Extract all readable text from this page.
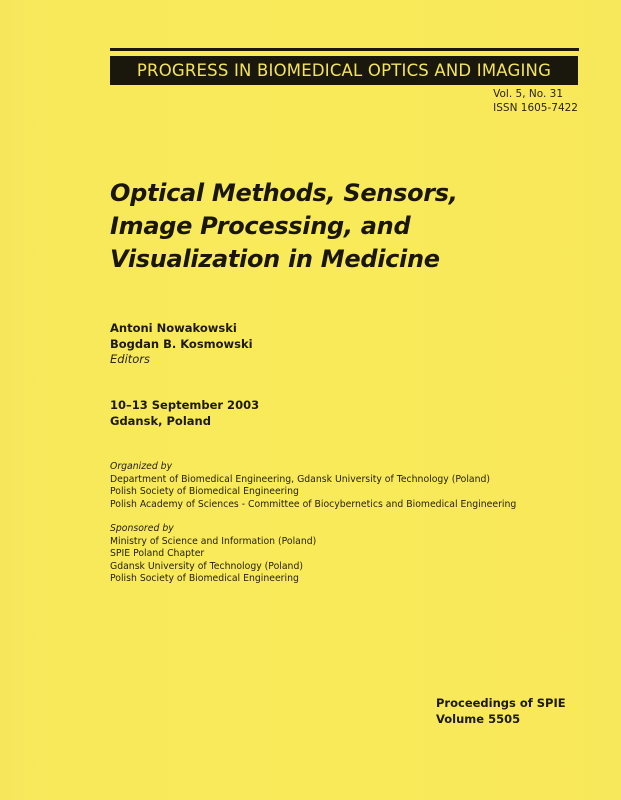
PROGRESS IN BIOMEDICAL OPTICS AND IMAGING
Vol. 5, No. 31
ISSN 1605-7422
Optical Methods, Sensors,
Image Processing, and
Visualization in Medicine
Antoni Nowakowski
Bogdan B. Kosmowski
Editors
10–13 September 2003
Gdansk, Poland
Organized by
Department of Biomedical Engineering, Gdansk University of Technology (Poland)
Polish Society of Biomedical Engineering
Polish Academy of Sciences - Committee of Biocybernetics and Biomedical Engineering
Sponsored by
Ministry of Science and Information (Poland)
SPIE Poland Chapter
Gdansk University of Technology (Poland)
Polish Society of Biomedical Engineering
Proceedings of SPIE
Volume 5505
